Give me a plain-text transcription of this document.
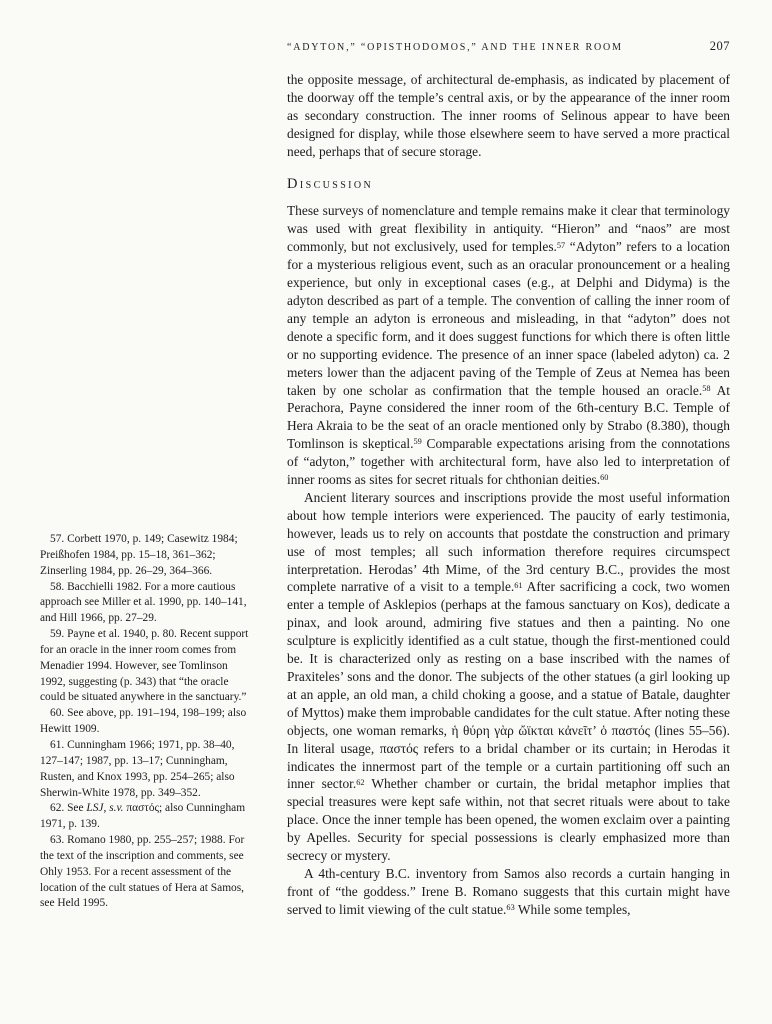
“ADYTON,” “OPISTHODOMOS,” AND THE INNER ROOM	207

57. Corbett 1970, p. 149; Casewitz 1984; Preißhofen 1984, pp. 15–18, 361–362; Zinserling 1984, pp. 26–29, 364–366.

58. Bacchielli 1982. For a more cautious approach see Miller et al. 1990, pp. 140–141, and Hill 1966, pp. 27–29.

59. Payne et al. 1940, p. 80. Recent support for an oracle in the inner room comes from Menadier 1994. However, see Tomlinson 1992, suggesting (p. 343) that “the oracle could be situated anywhere in the sanctuary.”

60. See above, pp. 191–194, 198–199; also Hewitt 1909.

61. Cunningham 1966; 1971, pp. 38–40, 127–147; 1987, pp. 13–17; Cunningham, Rusten, and Knox 1993, pp. 254–265; also Sherwin-White 1978, pp. 349–352.

62. See LSJ, s.v. παστός; also Cunningham 1971, p. 139.

63. Romano 1980, pp. 255–257; 1988. For the text of the inscription and comments, see Ohly 1953. For a recent assessment of the location of the cult statues of Hera at Samos, see Held 1995.

the opposite message, of architectural de-emphasis, as indicated by placement of the doorway off the temple’s central axis, or by the appearance of the inner room as secondary construction. The inner rooms of Selinous appear to have been designed for display, while those elsewhere seem to have served a more practical need, perhaps that of secure storage.

Discussion

These surveys of nomenclature and temple remains make it clear that terminology was used with great flexibility in antiquity. “Hieron” and “naos” are most commonly, but not exclusively, used for temples.$^{57}$ “Adyton” refers to a location for a mysterious religious event, such as an oracular pronouncement or a healing experience, but only in exceptional cases (e.g., at Delphi and Didyma) is the adyton described as part of a temple. The convention of calling the inner room of any temple an adyton is erroneous and misleading, in that “adyton” does not denote a specific form, and it does suggest functions for which there is often little or no supporting evidence. The presence of an inner space (labeled adyton) ca. 2 meters lower than the adjacent paving of the Temple of Zeus at Nemea has been taken by one scholar as confirmation that the temple housed an oracle.$^{58}$ At Perachora, Payne considered the inner room of the 6th-century B.C. Temple of Hera Akraia to be the seat of an oracle mentioned only by Strabo (8.380), though Tomlinson is skeptical.$^{59}$ Comparable expectations arising from the connotations of “adyton,” together with architectural form, have also led to interpretation of inner rooms as sites for secret rituals for chthonian deities.$^{60}$

Ancient literary sources and inscriptions provide the most useful information about how temple interiors were experienced. The paucity of early testimonia, however, leads us to rely on accounts that postdate the construction and primary use of most temples; all such information therefore requires circumspect interpretation. Herodas’ 4th Mime, of the 3rd century B.C., provides the most complete narrative of a visit to a temple.$^{61}$ After sacrificing a cock, two women enter a temple of Asklepios (perhaps at the famous sanctuary on Kos), dedicate a pinax, and look around, admiring five statues and then a painting. No one sculpture is explicitly identified as a cult statue, though the first-mentioned could be. It is characterized only as resting on a base inscribed with the names of Praxiteles’ sons and the donor. The subjects of the other statues (a girl looking up at an apple, an old man, a child choking a goose, and a statue of Batale, daughter of Myttos) make them improbable candidates for the cult statue. After noting these objects, one woman remarks, ἡ θύρη γὰρ ὤϊκται κἀνεῖτ’ ὁ παστός (lines 55–56). In literal usage, παστός refers to a bridal chamber or its curtain; in Herodas it indicates the innermost part of the temple or a curtain partitioning off such an inner sector.$^{62}$ Whether chamber or curtain, the bridal metaphor implies that special treasures were kept safe within, not that secret rituals were about to take place. Once the inner temple has been opened, the women exclaim over a painting by Apelles. Security for special possessions is clearly emphasized more than secrecy or mystery.

A 4th-century B.C. inventory from Samos also records a curtain hanging in front of “the goddess.” Irene B. Romano suggests that this curtain might have served to limit viewing of the cult statue.$^{63}$ While some temples,
